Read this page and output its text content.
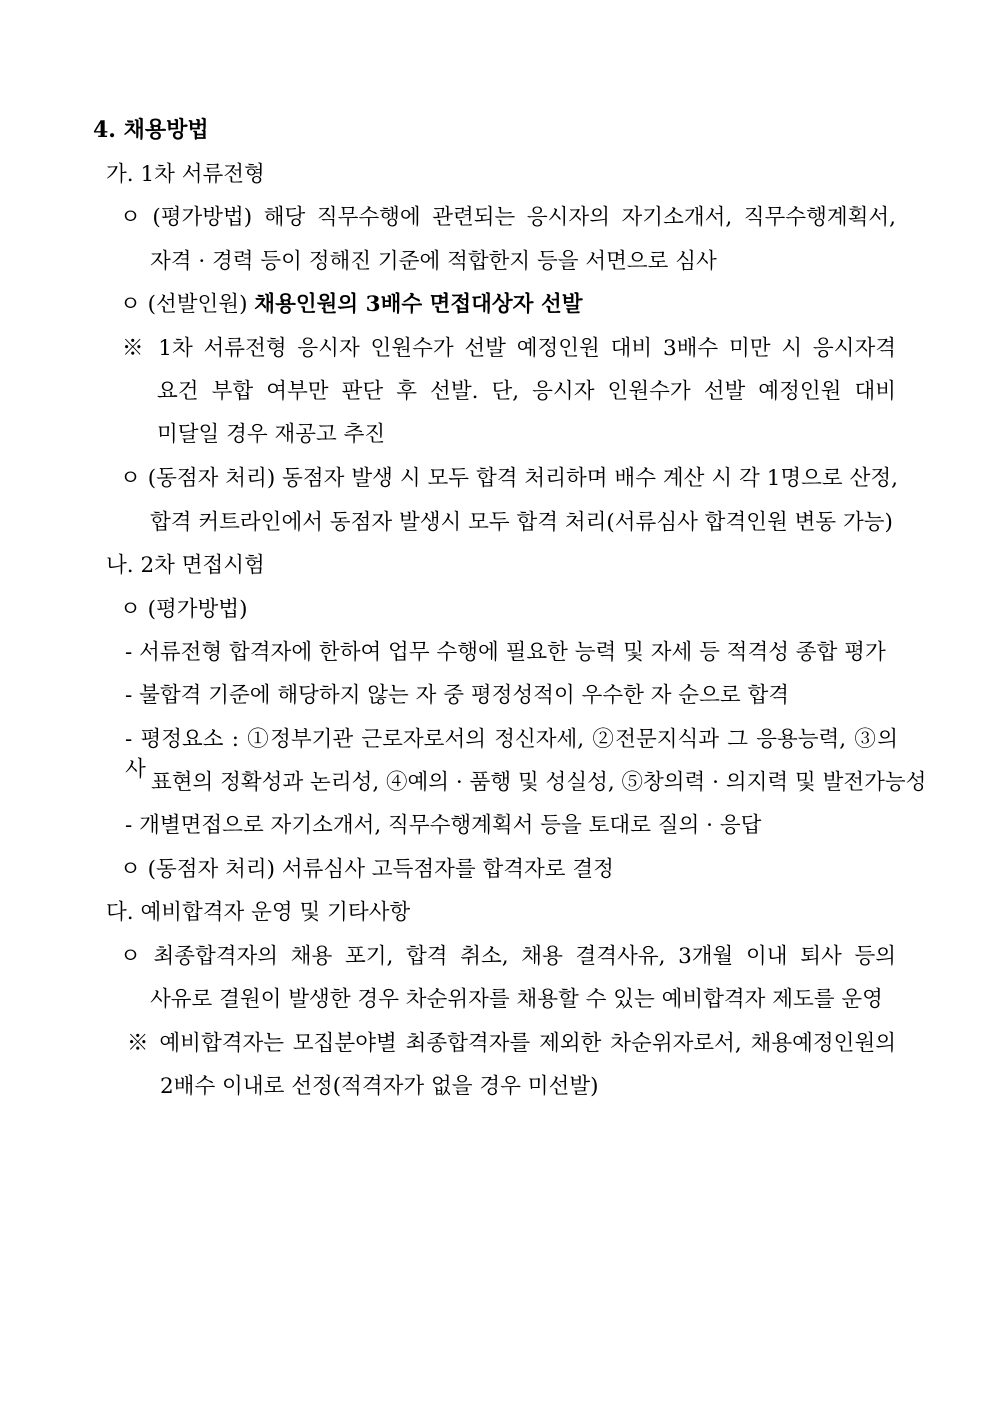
4. 채용방법
가. 1차 서류전형
ㅇ (평가방법) 해당 직무수행에 관련되는 응시자의 자기소개서, 직무수행계획서,
자격 · 경력 등이 정해진 기준에 적합한지 등을 서면으로 심사
ㅇ (선발인원) 채용인원의 3배수 면접대상자 선발
※ 1차 서류전형 응시자 인원수가 선발 예정인원 대비 3배수 미만 시 응시자격
요건 부합 여부만 판단 후 선발. 단, 응시자 인원수가 선발 예정인원 대비
미달일 경우 재공고 추진
ㅇ (동점자 처리) 동점자 발생 시 모두 합격 처리하며 배수 계산 시 각 1명으로 산정,
합격 커트라인에서 동점자 발생시 모두 합격 처리(서류심사 합격인원 변동 가능)
나. 2차 면접시험
ㅇ (평가방법)
- 서류전형 합격자에 한하여 업무 수행에 필요한 능력 및 자세 등 적격성 종합 평가
- 불합격 기준에 해당하지 않는 자 중 평정성적이 우수한 자 순으로 합격
- 평정요소 : ①정부기관 근로자로서의 정신자세, ②전문지식과 그 응용능력, ③의사
표현의 정확성과 논리성, ④예의 · 품행 및 성실성, ⑤창의력 · 의지력 및 발전가능성
- 개별면접으로 자기소개서, 직무수행계획서 등을 토대로 질의 · 응답
ㅇ (동점자 처리) 서류심사 고득점자를 합격자로 결정
다. 예비합격자 운영 및 기타사항
ㅇ 최종합격자의 채용 포기, 합격 취소, 채용 결격사유, 3개월 이내 퇴사 등의
사유로 결원이 발생한 경우 차순위자를 채용할 수 있는 예비합격자 제도를 운영
※ 예비합격자는 모집분야별 최종합격자를 제외한 차순위자로서, 채용예정인원의
2배수 이내로 선정(적격자가 없을 경우 미선발)
